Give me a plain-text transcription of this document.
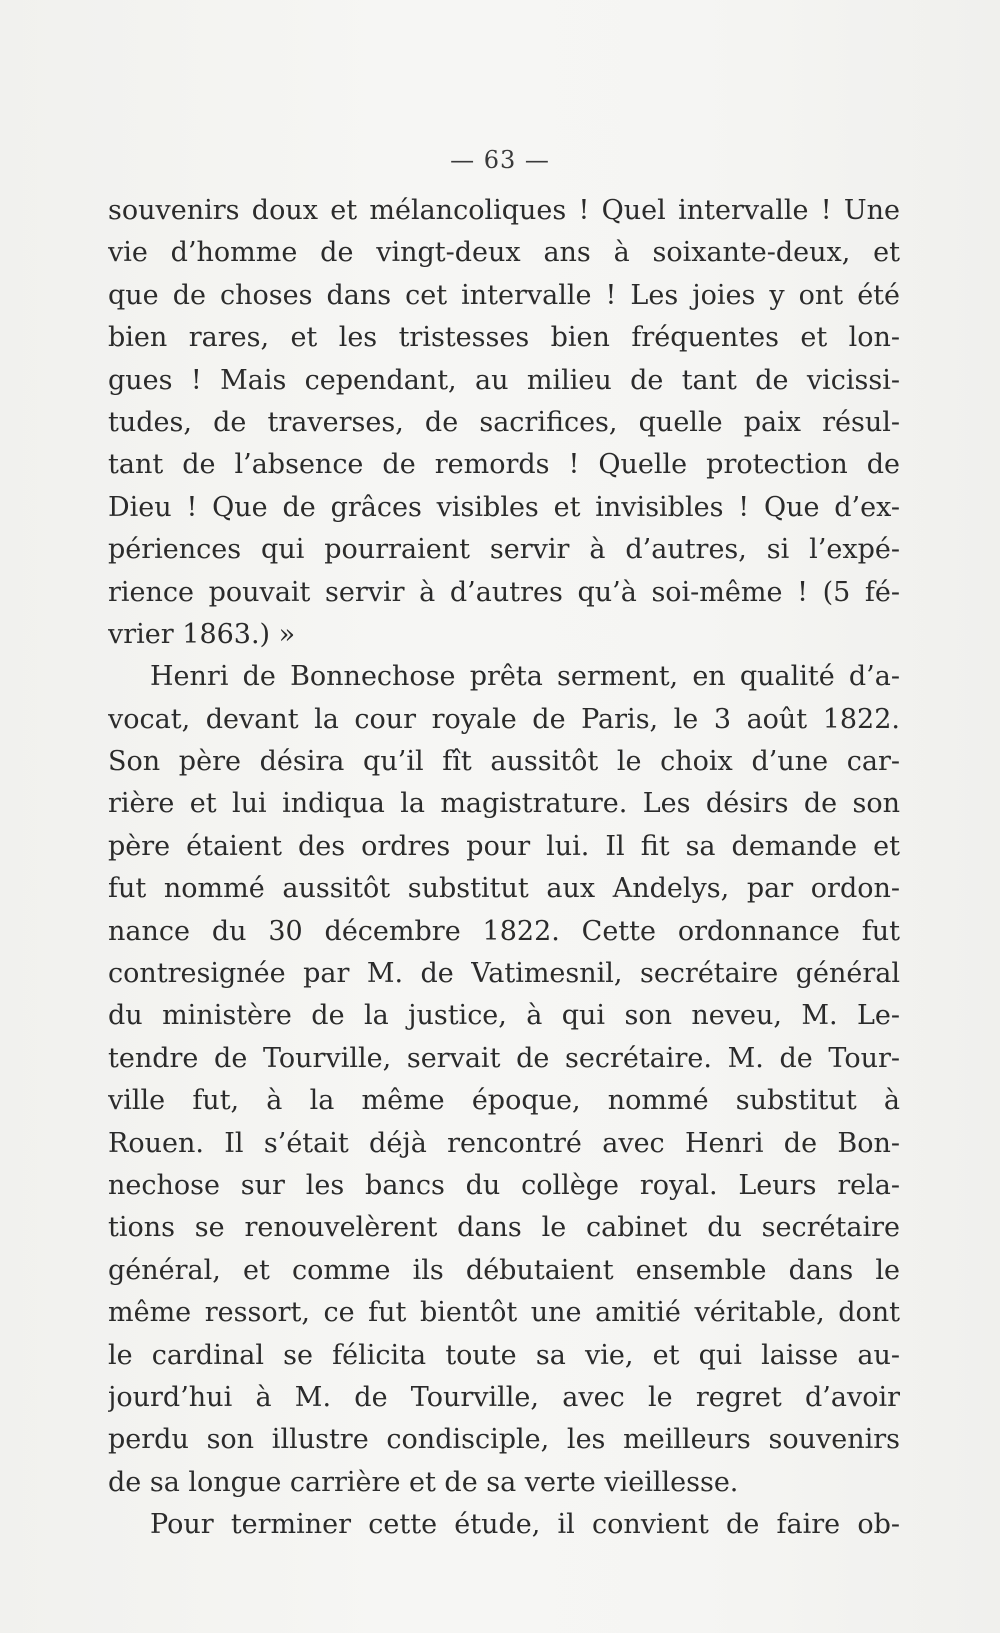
— 63 —
souvenirs doux et mélancoliques ! Quel intervalle ! Une
vie d’homme de vingt-deux ans à soixante-deux, et
que de choses dans cet intervalle ! Les joies y ont été
bien rares, et les tristesses bien fréquentes et lon-
gues ! Mais cependant, au milieu de tant de vicissi-
tudes, de traverses, de sacrifices, quelle paix résul-
tant de l’absence de remords ! Quelle protection de
Dieu ! Que de grâces visibles et invisibles ! Que d’ex-
périences qui pourraient servir à d’autres, si l’expé-
rience pouvait servir à d’autres qu’à soi-même ! (5 fé-
vrier 1863.) »
Henri de Bonnechose prêta serment, en qualité d’a-
vocat, devant la cour royale de Paris, le 3 août 1822.
Son père désira qu’il fît aussitôt le choix d’une car-
rière et lui indiqua la magistrature. Les désirs de son
père étaient des ordres pour lui. Il fit sa demande et
fut nommé aussitôt substitut aux Andelys, par ordon-
nance du 30 décembre 1822. Cette ordonnance fut
contresignée par M. de Vatimesnil, secrétaire général
du ministère de la justice, à qui son neveu, M. Le-
tendre de Tourville, servait de secrétaire. M. de Tour-
ville fut, à la même époque, nommé substitut à
Rouen. Il s’était déjà rencontré avec Henri de Bon-
nechose sur les bancs du collège royal. Leurs rela-
tions se renouvelèrent dans le cabinet du secrétaire
général, et comme ils débutaient ensemble dans le
même ressort, ce fut bientôt une amitié véritable, dont
le cardinal se félicita toute sa vie, et qui laisse au-
jourd’hui à M. de Tourville, avec le regret d’avoir
perdu son illustre condisciple, les meilleurs souvenirs
de sa longue carrière et de sa verte vieillesse.
Pour terminer cette étude, il convient de faire ob-
